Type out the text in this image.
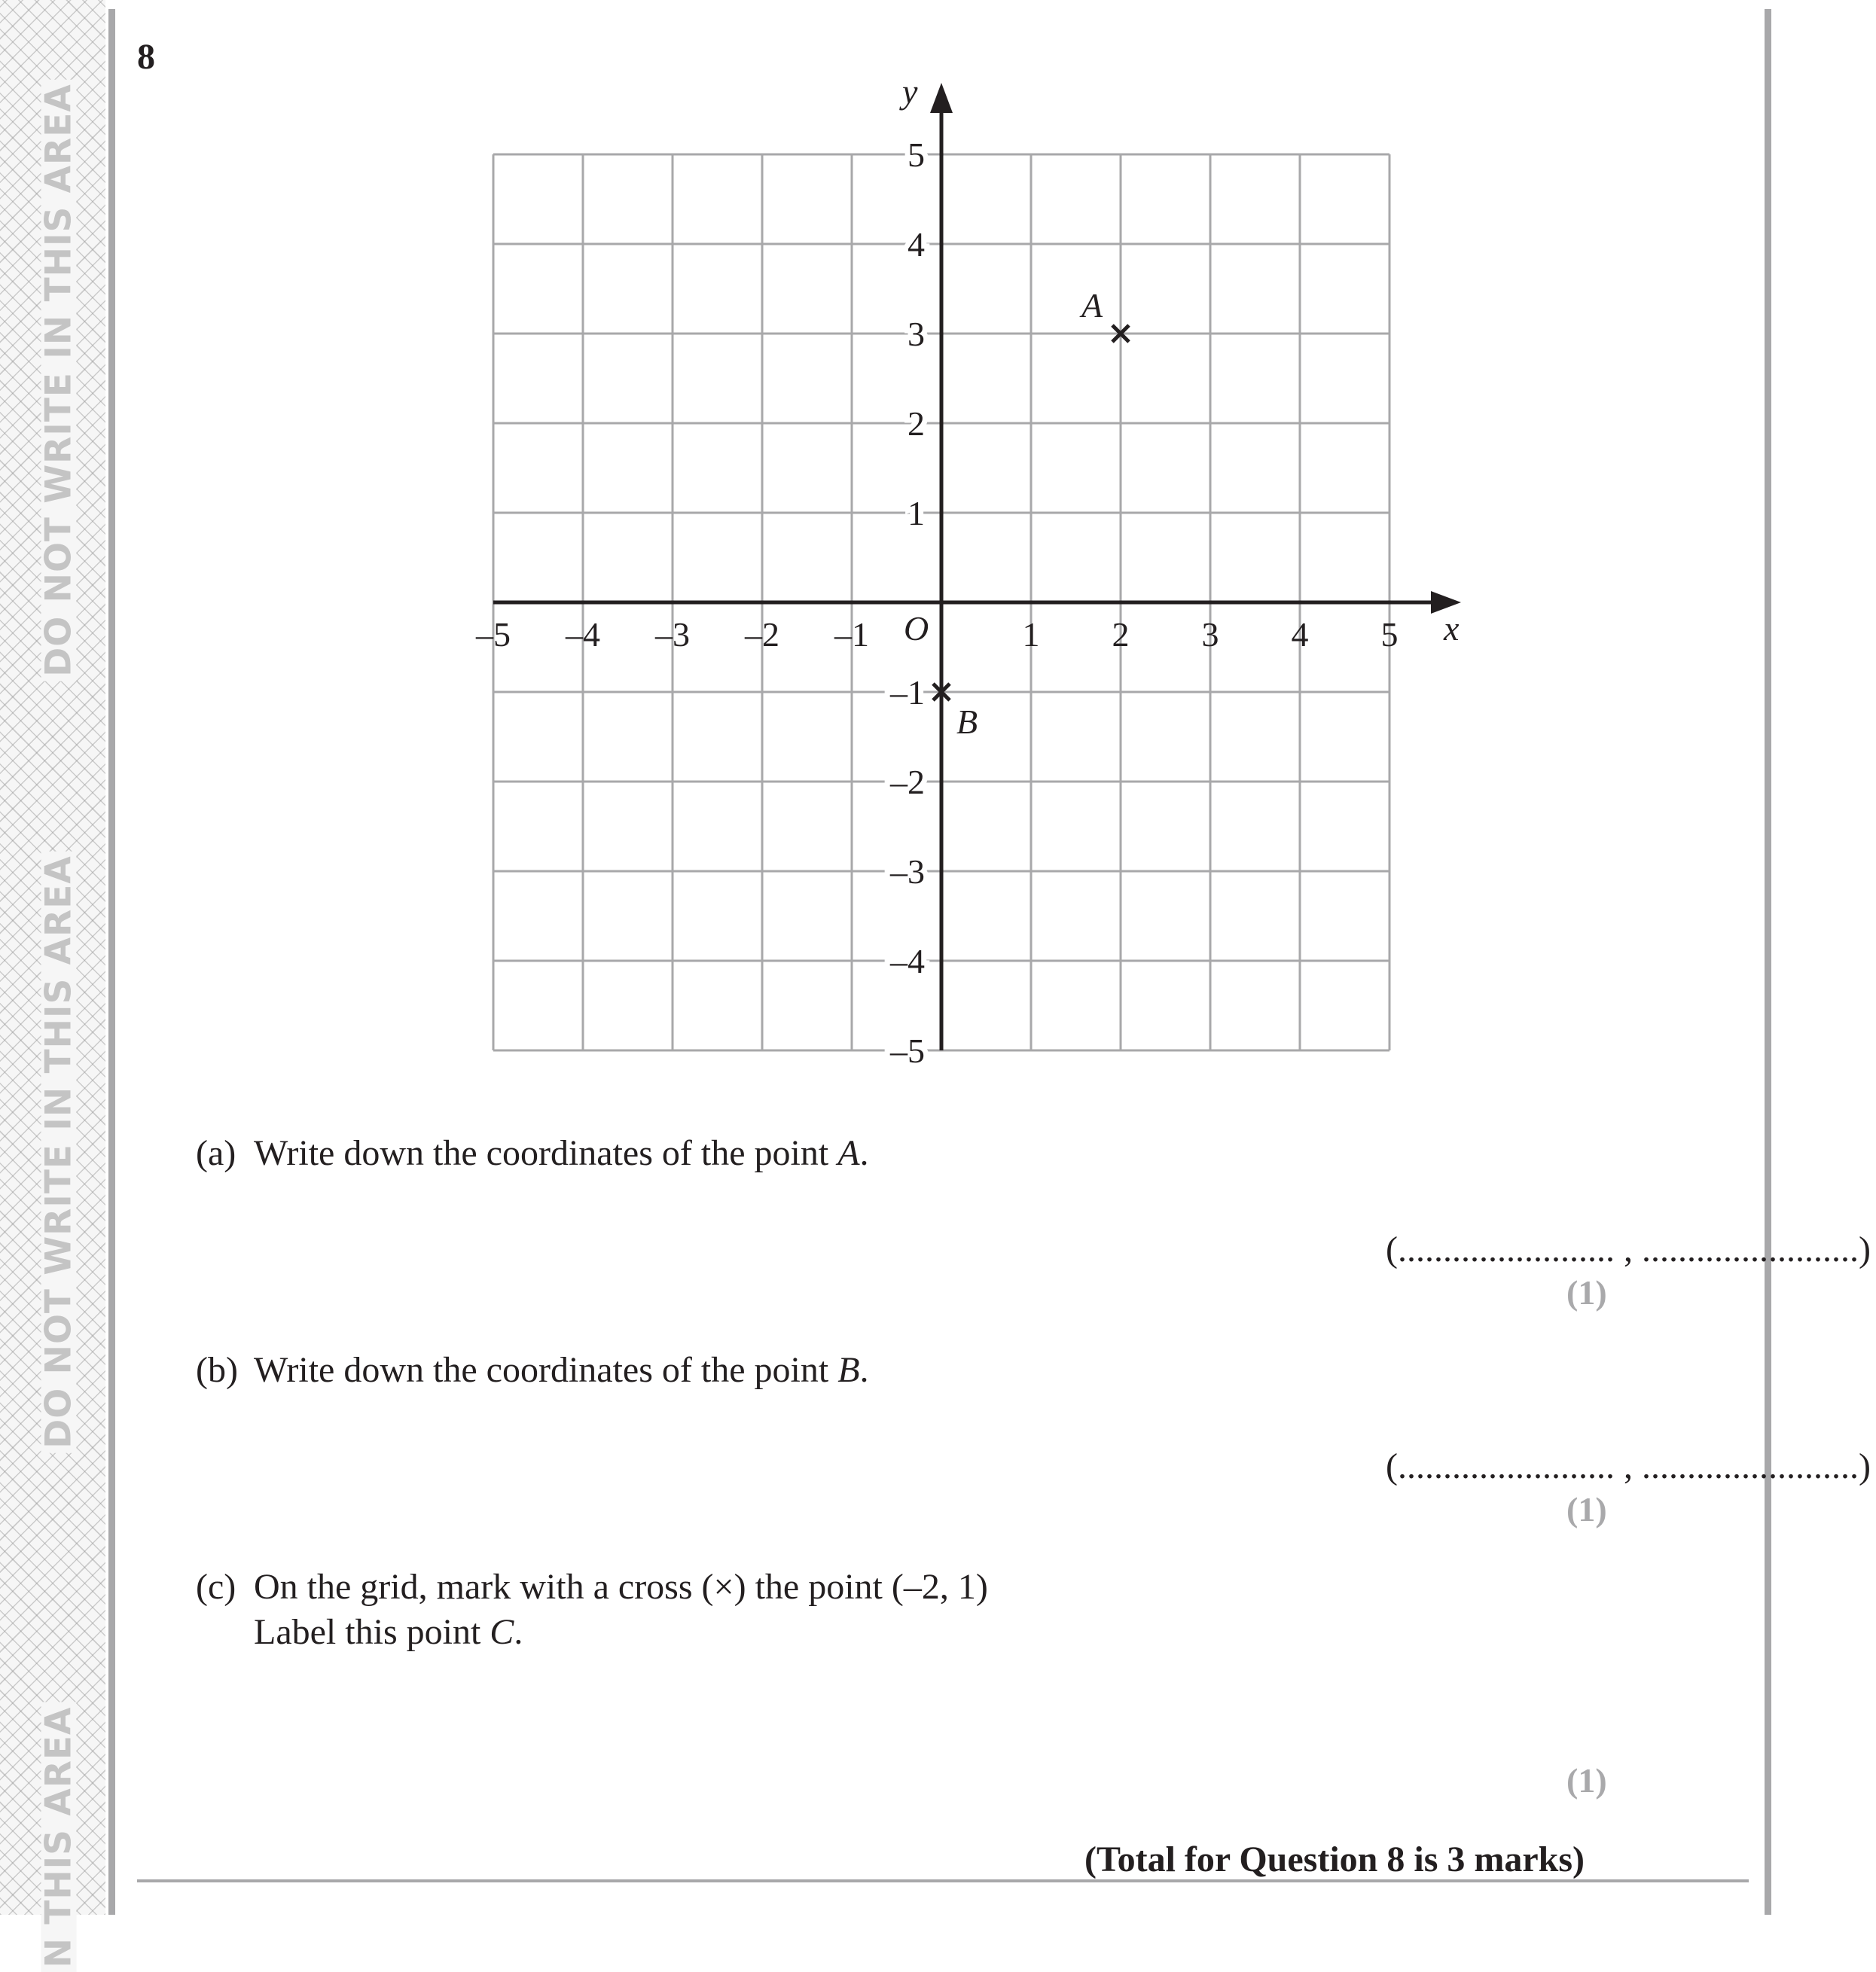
DO NOT WRITE IN THIS AREA
DO NOT WRITE IN THIS AREA
N THIS AREA
8
–5 –4 –3 –2 –1	1 2 3 4 5
5
4
3
2
1
–1
–2
–3
–4
–5
O	x
y
A
B
(a) Write down the coordinates of the point A.
(........................ , ........................)
(1)
(b) Write down the coordinates of the point B.
(........................ , ........................)
(1)
(c) On the grid, mark with a cross (×) the point (–2, 1)
Label this point C.
(1)
(Total for Question 8 is 3 marks)
